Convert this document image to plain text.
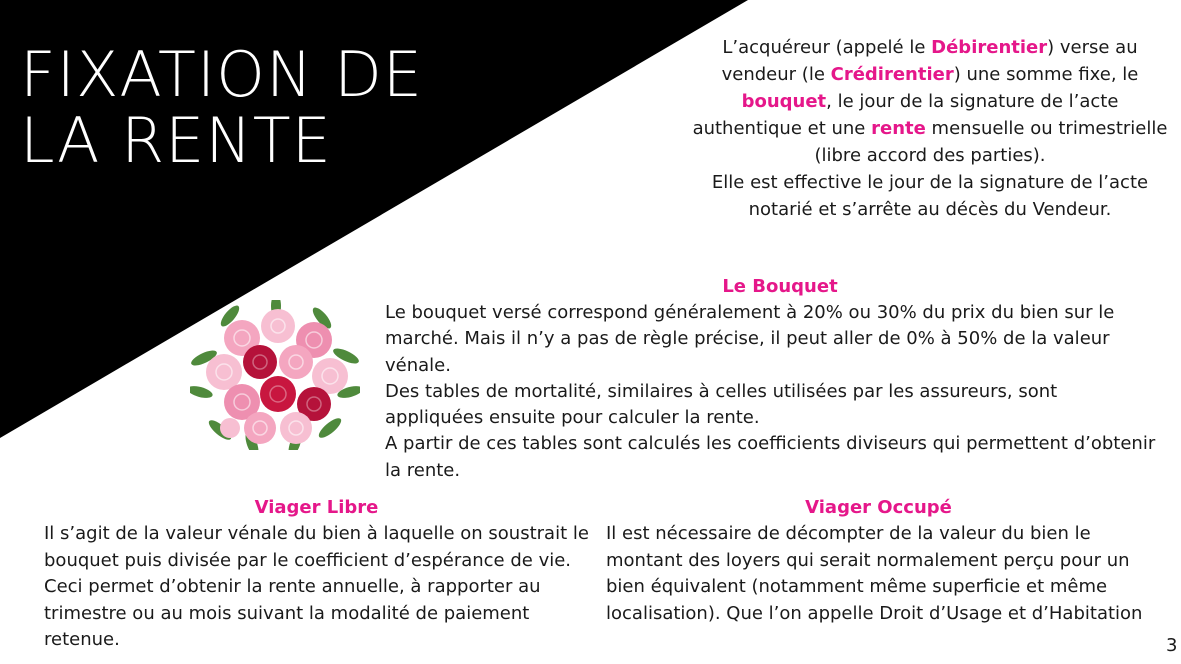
FIXATION DE
LA RENTE
L’acquéreur (appelé le Débirentier) verse au vendeur (le Crédirentier) une somme fixe, le bouquet, le jour de la signature de l’acte authentique et une rente mensuelle ou trimestrielle (libre accord des parties).
Elle est effective le jour de la signature de l’acte notarié et s’arrête au décès du Vendeur.
Le Bouquet
Le bouquet versé correspond généralement à 20% ou 30% du prix du bien sur le marché. Mais il n’y a pas de règle précise, il peut aller de 0% à 50% de la valeur vénale.
Des tables de mortalité, similaires à celles utilisées par les assureurs, sont appliquées ensuite pour calculer la rente.
A partir de ces tables sont calculés les coefficients diviseurs qui permettent d’obtenir la rente.
Viager Libre

Il s’agit de la valeur vénale du bien à laquelle on soustrait le bouquet puis divisée par le coefficient d’espérance de vie. Ceci permet d’obtenir la rente annuelle, à rapporter au trimestre ou au mois suivant la modalité de paiement retenue.

Viager Occupé

Il est nécessaire de décompter de la valeur du bien le montant des loyers qui serait normalement perçu pour un bien équivalent (notamment même superficie et même localisation). Que l’on appelle Droit d’Usage et d’Habitation

3
